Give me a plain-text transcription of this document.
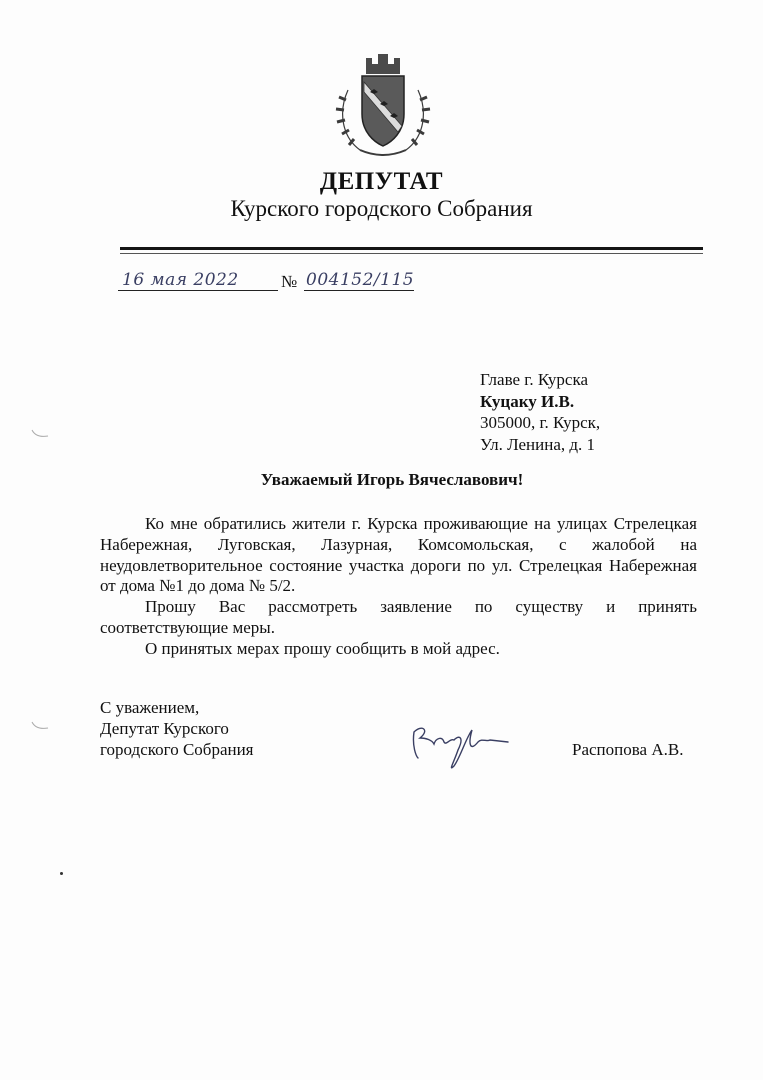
ДЕПУТАТ
Курского городского Собрания
16 мая 2022 № 004152/115
Главе г. Курска
Куцаку И.В.
305000, г. Курск,
Ул. Ленина, д. 1
Уважаемый Игорь Вячеславович!

Ко мне обратились жители г. Курска проживающие на улицах Стрелецкая Набережная, Луговская, Лазурная, Комсомольская, с жалобой на неудовлетворительное состояние участка дороги по ул. Стрелецкая Набережная от дома №1 до дома № 5/2.

Прошу Вас рассмотреть заявление по существу и принять соответствующие меры.

О принятых мерах прошу сообщить в мой адрес.

С уважением,
Депутат Курского
городского Собрания	Распопова А.В.
